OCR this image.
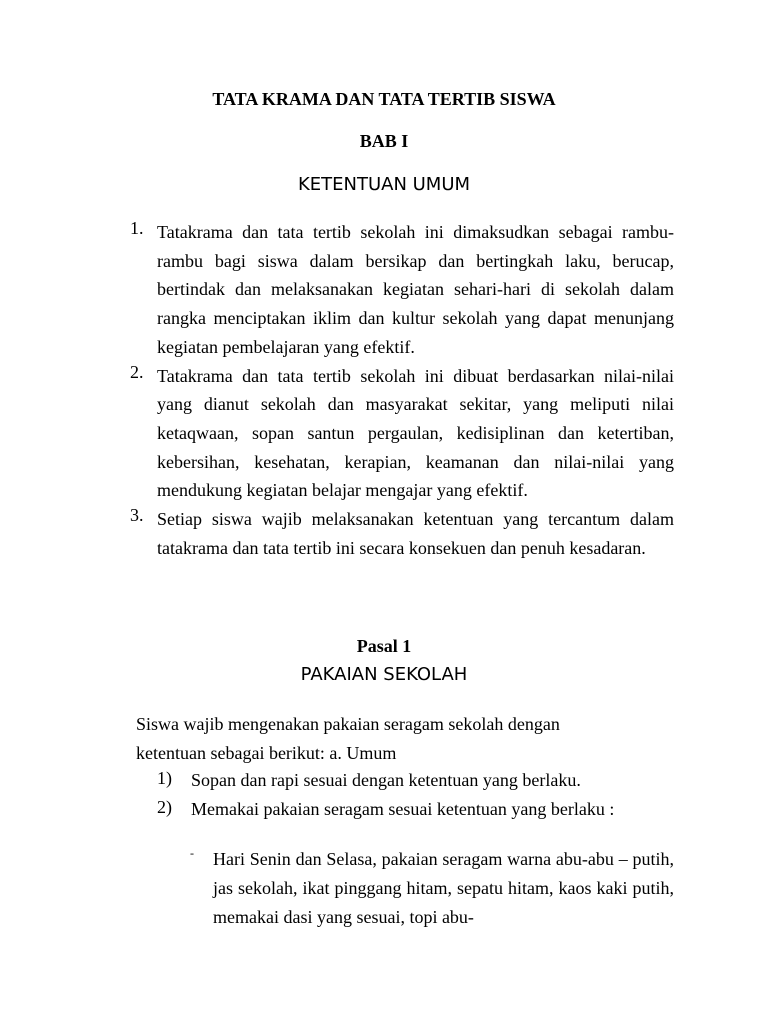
TATA KRAMA DAN TATA TERTIB SISWA
BAB I
KETENTUAN UMUM
1. Tatakrama dan tata tertib sekolah ini dimaksudkan sebagai rambu-rambu bagi siswa dalam bersikap dan bertingkah laku, berucap, bertindak dan melaksanakan kegiatan sehari-hari di sekolah dalam rangka menciptakan iklim dan kultur sekolah yang dapat menunjang kegiatan pembelajaran yang efektif.
2. Tatakrama dan tata tertib sekolah ini dibuat berdasarkan nilai-nilai yang dianut sekolah dan masyarakat sekitar, yang meliputi nilai ketaqwaan, sopan santun pergaulan, kedisiplinan dan ketertiban, kebersihan, kesehatan, kerapian, keamanan dan nilai-nilai yang mendukung kegiatan belajar mengajar yang efektif.
3. Setiap siswa wajib melaksanakan ketentuan yang tercantum dalam tatakrama dan tata tertib ini secara konsekuen dan penuh kesadaran.
Pasal 1
PAKAIAN SEKOLAH
Siswa wajib mengenakan pakaian seragam sekolah dengan
ketentuan sebagai berikut: a. Umum
1) Sopan dan rapi sesuai dengan ketentuan yang berlaku.
2) Memakai pakaian seragam sesuai ketentuan yang berlaku :
- Hari Senin dan Selasa, pakaian seragam warna abu-abu – putih, jas sekolah, ikat pinggang hitam, sepatu hitam, kaos kaki putih, memakai dasi yang sesuai, topi abu-
